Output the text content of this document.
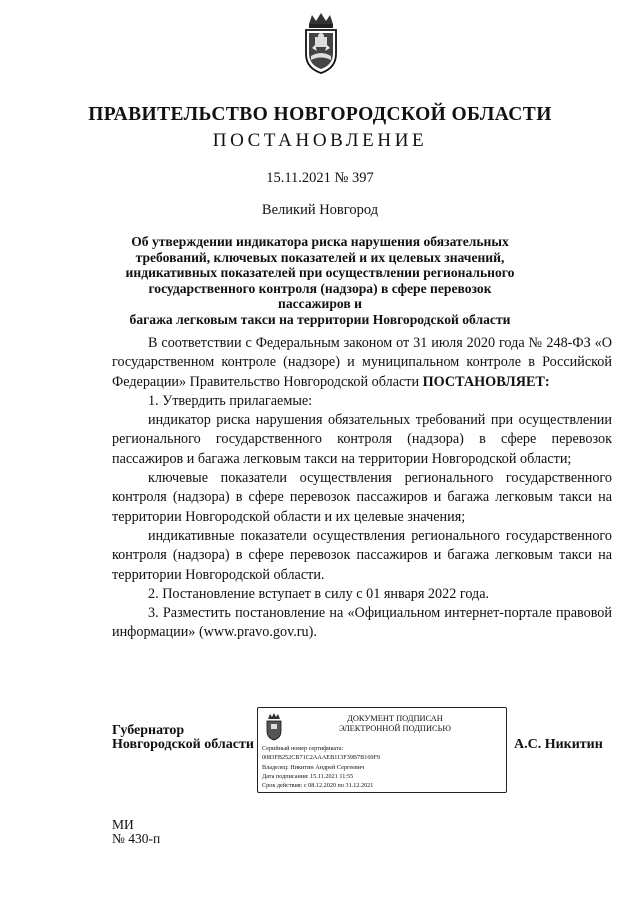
ПРАВИТЕЛЬСТВО НОВГОРОДСКОЙ ОБЛАСТИ
ПОСТАНОВЛЕНИЕ
15.11.2021 № 397
Великий Новгород
Об утверждении индикатора риска нарушения обязательных
требований, ключевых показателей и их целевых значений,
индикативных показателей при осуществлении регионального
государственного контроля (надзора) в сфере перевозок пассажиров и
багажа легковым такси на территории Новгородской области

В соответствии с Федеральным законом от 31 июля 2020 года № 248-ФЗ «О государственном контроле (надзоре) и муниципальном контроле в Российской Федерации» Правительство Новгородской области ПОСТАНОВЛЯЕТ:

1. Утвердить прилагаемые:

индикатор риска нарушения обязательных требований при осуществлении регионального государственного контроля (надзора) в сфере перевозок пассажиров и багажа легковым такси на территории Новгородской области;

ключевые показатели осуществления регионального государственного контроля (надзора) в сфере перевозок пассажиров и багажа легковым такси на территории Новгородской области и их целевые значения;

индикативные показатели осуществления регионального государственного контроля (надзора) в сфере перевозок пассажиров и багажа легковым такси на территории Новгородской области.

2. Постановление вступает в силу с 01 января 2022 года.

3. Разместить постановление на «Официальном интернет-портале правовой информации» (www.pravo.gov.ru).

Губернатор
Новгородской области
ДОКУМЕНТ ПОДПИСАН
ЭЛЕКТРОННОЙ ПОДПИСЬЮ
Серийный номер сертификата:
0083FB252CB71C2AAAEB113F39B7B169F9
Владелец: Никитин Андрей Сергеевич
Дата подписания: 15.11.2021 11:55
Срок действия: с 08.12.2020 по 31.12.2021
А.С. Никитин
МИ
№ 430-п
